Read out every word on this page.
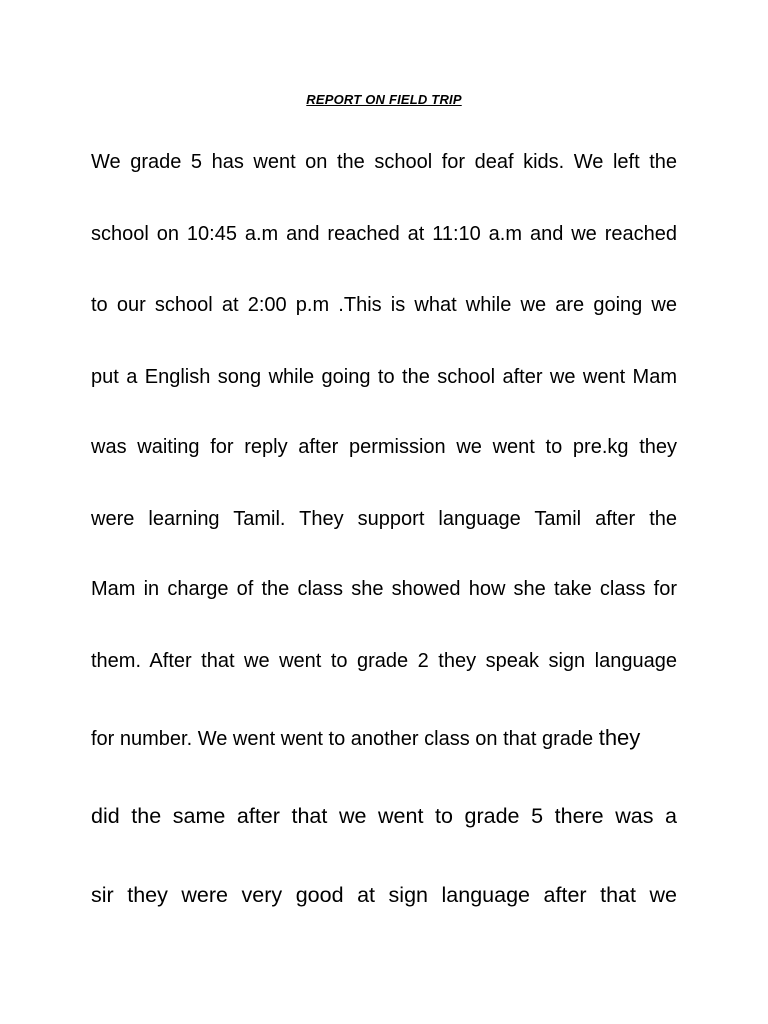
REPORT ON FIELD TRIP
We grade 5 has went on the school for deaf kids. We left the
school on 10:45 a.m and reached at 11:10 a.m and we reached
to our school at 2:00 p.m .This is what while we are going we
put a English song while going to the school after we went Mam
was waiting for reply after permission we went to pre.kg they
were learning Tamil. They support language Tamil after the
Mam in charge of the class she showed how she take class for
them. After that we went to grade 2 they speak sign language
for number. We went went to another class on that grade they
did the same after that we went to grade 5 there was a
sir they were very good at sign language after that we
